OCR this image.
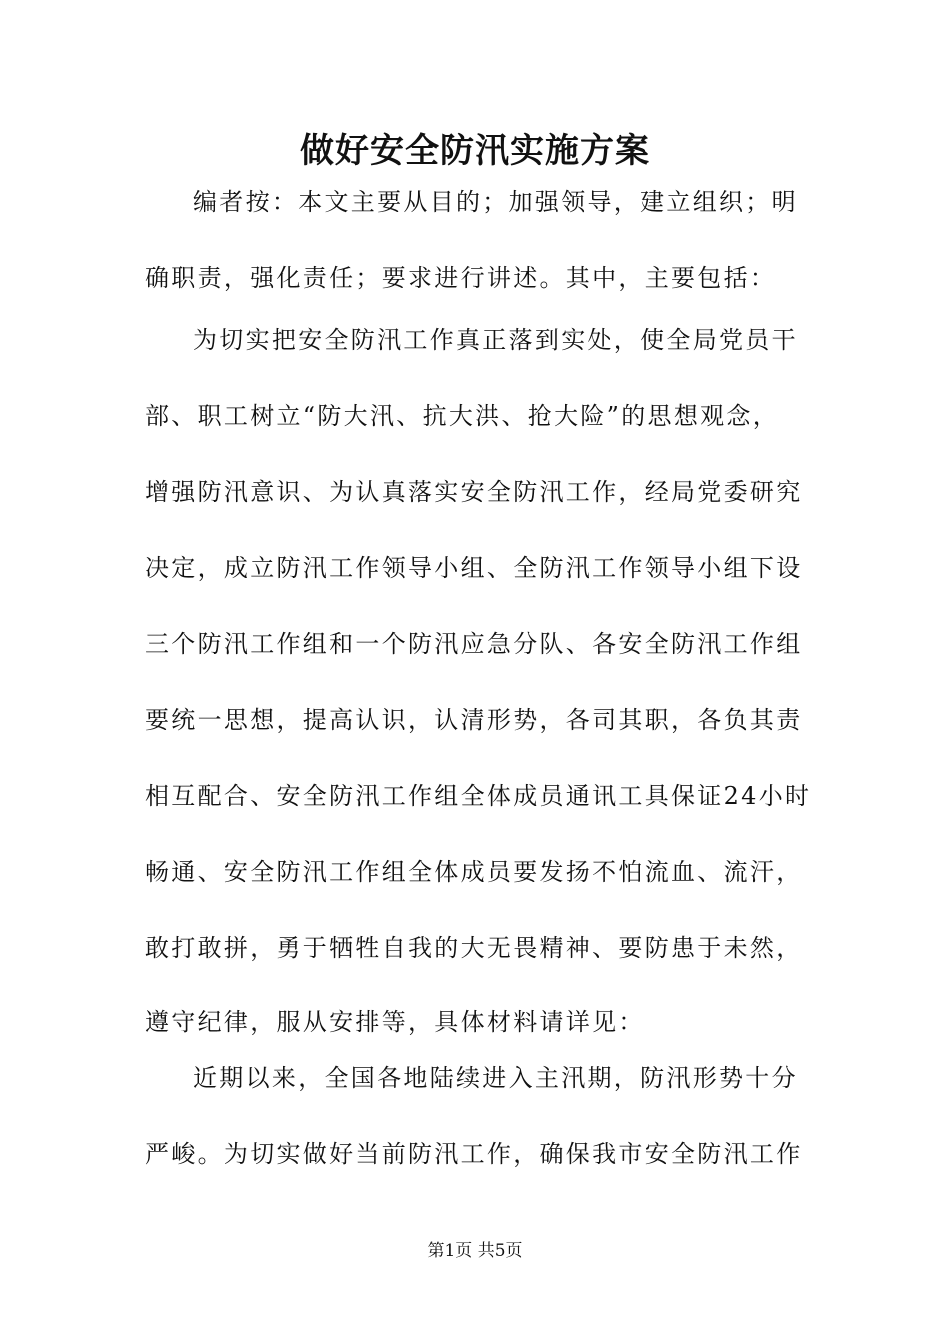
做好安全防汛实施方案
编者按：本文主要从目的；加强领导，建立组织；明
确职责，强化责任；要求进行讲述。其中，主要包括：
为切实把安全防汛工作真正落到实处，使全局党员干
部、职工树立“防大汛、抗大洪、抢大险”的思想观念，
增强防汛意识、为认真落实安全防汛工作，经局党委研究
决定，成立防汛工作领导小组、全防汛工作领导小组下设
三个防汛工作组和一个防汛应急分队、各安全防汛工作组
要统一思想，提高认识，认清形势，各司其职，各负其责
相互配合、安全防汛工作组全体成员通讯工具保证24小时
畅通、安全防汛工作组全体成员要发扬不怕流血、流汗，
敢打敢拼，勇于牺牲自我的大无畏精神、要防患于未然，
遵守纪律，服从安排等，具体材料请详见：
近期以来，全国各地陆续进入主汛期，防汛形势十分
严峻。为切实做好当前防汛工作，确保我市安全防汛工作
第1页 共5页
